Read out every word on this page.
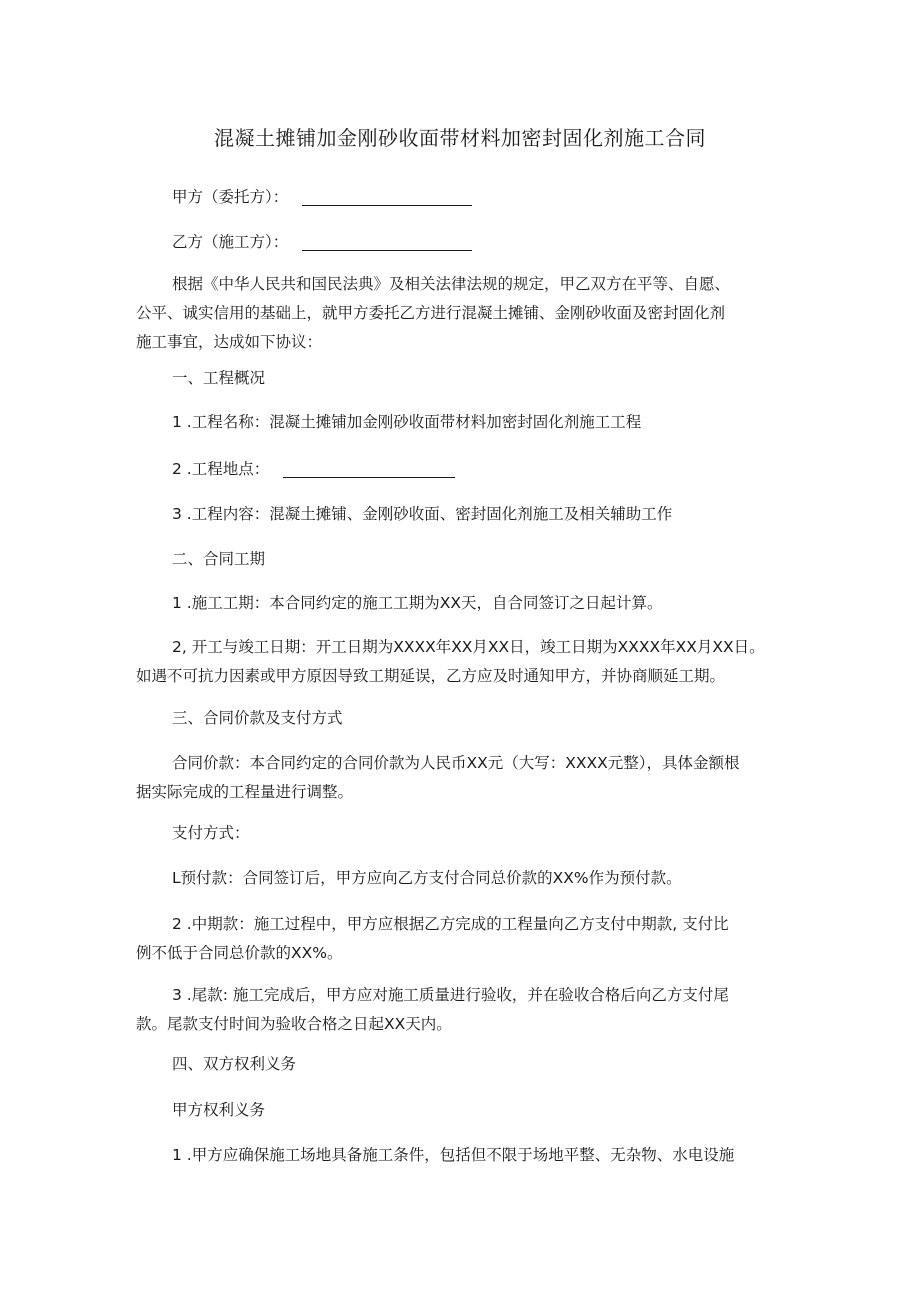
混凝土摊铺加金刚砂收面带材料加密封固化剂施工合同

甲方（委托方）：

乙方（施工方）：

根据《中华人民共和国民法典》及相关法律法规的规定，甲乙双方在平等、自愿、
公平、诚实信用的基础上，就甲方委托乙方进行混凝土摊铺、金刚砂收面及密封固化剂
施工事宜，达成如下协议：

一、工程概况

1 .工程名称：混凝土摊铺加金刚砂收面带材料加密封固化剂施工工程

2 .工程地点：

3 .工程内容：混凝土摊铺、金刚砂收面、密封固化剂施工及相关辅助工作

二、合同工期

1 .施工工期：本合同约定的施工工期为XX天，自合同签订之日起计算。

2, 开工与竣工日期：开工日期为XXXX年XX月XX日，竣工日期为XXXX年XX月XX日。
如遇不可抗力因素或甲方原因导致工期延误，乙方应及时通知甲方，并协商顺延工期。

三、合同价款及支付方式

合同价款：本合同约定的合同价款为人民币XX元（大写：XXXX元整），具体金额根
据实际完成的工程量进行调整。

支付方式：

L预付款：合同签订后，甲方应向乙方支付合同总价款的XX%作为预付款。

2 .中期款：施工过程中，甲方应根据乙方完成的工程量向乙方支付中期款, 支付比
例不低于合同总价款的XX%。
3 .尾款: 施工完成后，甲方应对施工质量进行验收，并在验收合格后向乙方支付尾
款。尾款支付时间为验收合格之日起XX天内。

四、双方权利义务

甲方权利义务

1 .甲方应确保施工场地具备施工条件，包括但不限于场地平整、无杂物、水电设施
